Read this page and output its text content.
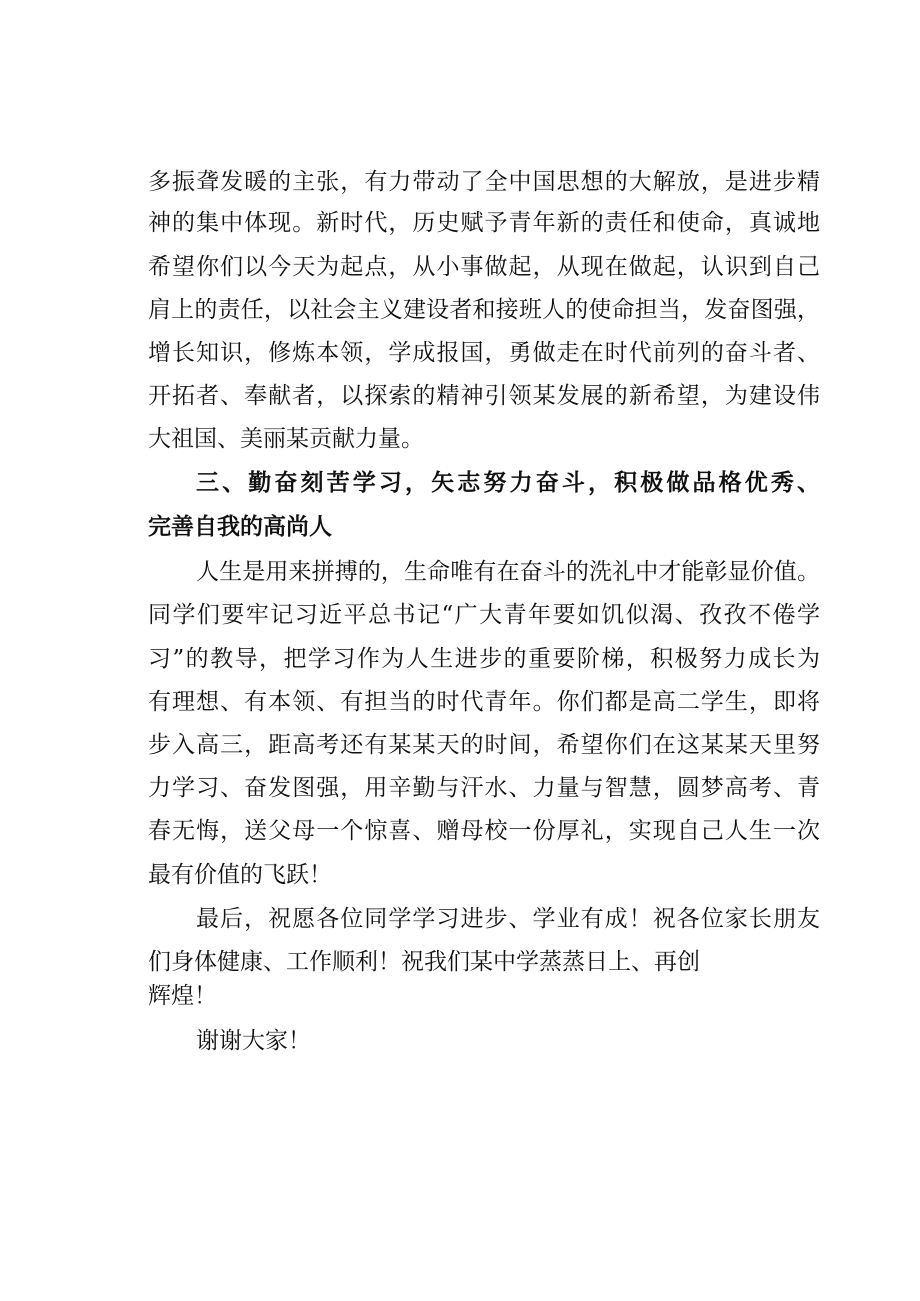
多振聋发暖的主张，有力带动了全中国思想的大解放，是进步精
神的集中体现。新时代，历史赋予青年新的责任和使命，真诚地
希望你们以今天为起点，从小事做起，从现在做起，认识到自己
肩上的责任，以社会主义建设者和接班人的使命担当，发奋图强，
增长知识，修炼本领，学成报国，勇做走在时代前列的奋斗者、
开拓者、奉献者，以探索的精神引领某发展的新希望，为建设伟
大祖国、美丽某贡献力量。
三、勤奋刻苦学习，矢志努力奋斗，积极做品格优秀、
完善自我的高尚人
人生是用来拼搏的，生命唯有在奋斗的洗礼中才能彰显价值。
同学们要牢记习近平总书记“广大青年要如饥似渴、孜孜不倦学
习”的教导，把学习作为人生进步的重要阶梯，积极努力成长为
有理想、有本领、有担当的时代青年。你们都是高二学生，即将
步入高三，距高考还有某某天的时间，希望你们在这某某天里努
力学习、奋发图强，用辛勤与汗水、力量与智慧，圆梦高考、青
春无悔，送父母一个惊喜、赠母校一份厚礼，实现自己人生一次
最有价值的飞跃！
最后，祝愿各位同学学习进步、学业有成！祝各位家长朋友
们身体健康、工作顺利！祝我们某中学蒸蒸日上、再创
辉煌！
谢谢大家！
